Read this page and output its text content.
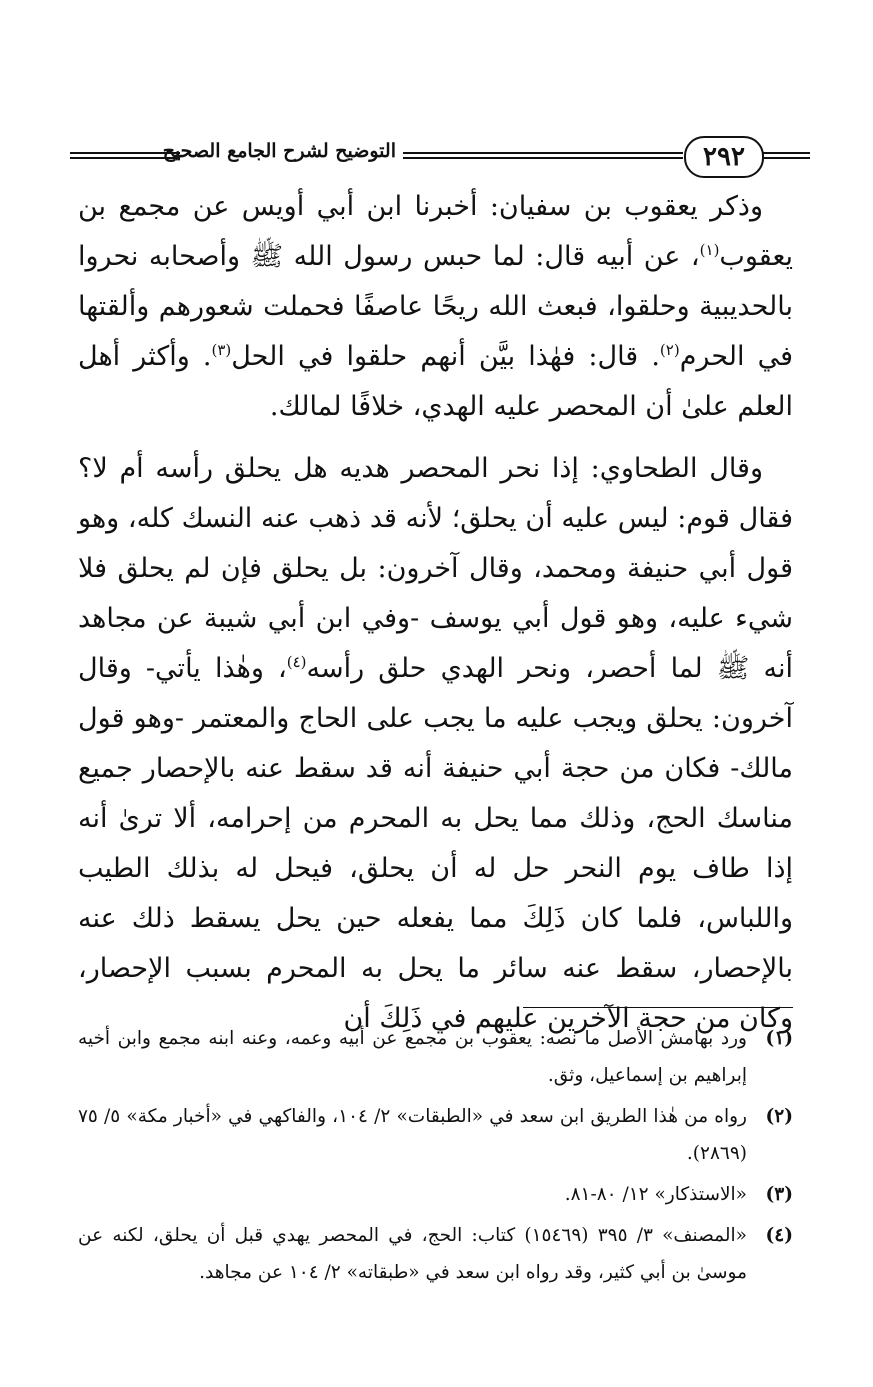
٢٩٢
التوضيح لشرح الجامع الصحيح

وذكر يعقوب بن سفيان: أخبرنا ابن أبي أويس عن مجمع بن يعقوب$^{(١)}$، عن أبيه قال: لما حبس رسول الله ﷺ وأصحابه نحروا بالحديبية وحلقوا، فبعث الله ريحًا عاصفًا فحملت شعورهم وألقتها في الحرم$^{(٢)}$. قال: فهٰذا بيَّن أنهم حلقوا في الحل$^{(٣)}$. وأكثر أهل العلم علىٰ أن المحصر عليه الهدي، خلافًا لمالك.

وقال الطحاوي: إذا نحر المحصر هديه هل يحلق رأسه أم لا؟ فقال قوم: ليس عليه أن يحلق؛ لأنه قد ذهب عنه النسك كله، وهو قول أبي حنيفة ومحمد، وقال آخرون: بل يحلق فإن لم يحلق فلا شيء عليه، وهو قول أبي يوسف -وفي ابن أبي شيبة عن مجاهد أنه ﷺ لما أحصر، ونحر الهدي حلق رأسه$^{(٤)}$، وهٰذا يأتي- وقال آخرون: يحلق ويجب عليه ما يجب على الحاج والمعتمر -وهو قول مالك- فكان من حجة أبي حنيفة أنه قد سقط عنه بالإحصار جميع مناسك الحج، وذلك مما يحل به المحرم من إحرامه، ألا ترىٰ أنه إذا طاف يوم النحر حل له أن يحلق، فيحل له بذلك الطيب واللباس، فلما كان ذَلِكَ مما يفعله حين يحل يسقط ذلك عنه بالإحصار، سقط عنه سائر ما يحل به المحرم بسبب الإحصار، وكان من حجة الآخرين عليهم في ذَلِكَ أن

(١)
ورد بهامش الأصل ما نصه: يعقوب بن مجمع عن أبيه وعمه، وعنه ابنه مجمع وابن أخيه إبراهيم بن إسماعيل، وثق.
(٢)
رواه من هٰذا الطريق ابن سعد في «الطبقات» ٢/ ١٠٤، والفاكهي في «أخبار مكة» ٥/ ٧٥ (٢٨٦٩).
(٣)
«الاستذكار» ١٢/ ٨٠-٨١.
(٤)
«المصنف» ٣/ ٣٩٥ (١٥٤٦٩) كتاب: الحج، في المحصر يهدي قبل أن يحلق، لكنه عن موسىٰ بن أبي كثير، وقد رواه ابن سعد في «طبقاته» ٢/ ١٠٤ عن مجاهد.
